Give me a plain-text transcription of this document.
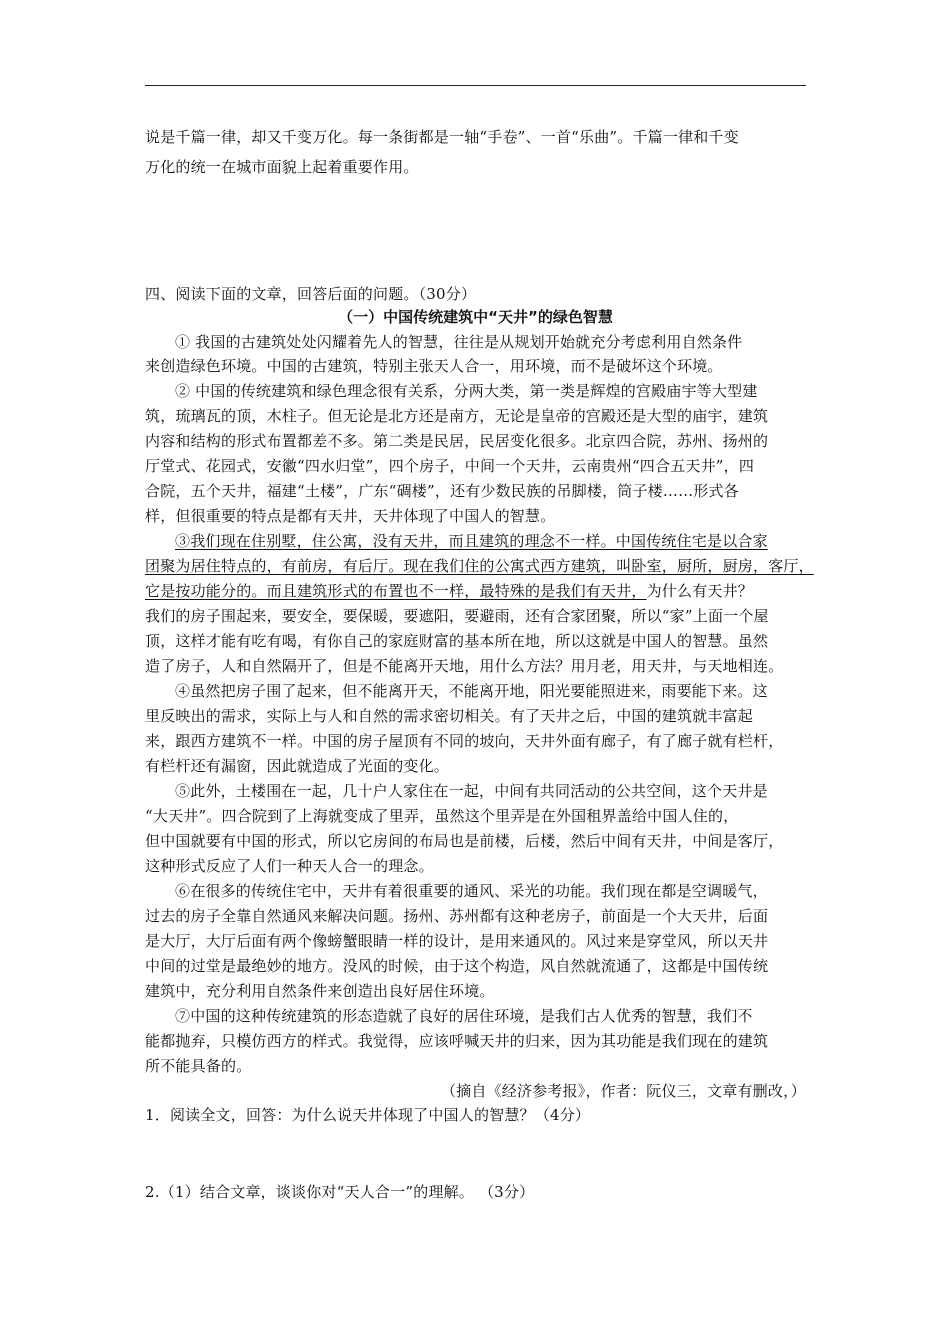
说是千篇一律，却又千变万化。每一条街都是一轴“手卷”、一首“乐曲”。千篇一律和千变
万化的统一在城市面貌上起着重要作用。
四、阅读下面的文章，回答后面的问题。（30分）
（一）中国传统建筑中“天井”的绿色智慧
① 我国的古建筑处处闪耀着先人的智慧，往往是从规划开始就充分考虑利用自然条件
来创造绿色环境。中国的古建筑，特别主张天人合一，用环境，而不是破坏这个环境。
② 中国的传统建筑和绿色理念很有关系，分两大类，第一类是辉煌的宫殿庙宇等大型建
筑，琉璃瓦的顶，木柱子。但无论是北方还是南方，无论是皇帝的宫殿还是大型的庙宇，建筑
内容和结构的形式布置都差不多。第二类是民居，民居变化很多。北京四合院，苏州、扬州的
厅堂式、花园式，安徽“四水归堂”，四个房子，中间一个天井，云南贵州“四合五天井”，四
合院，五个天井，福建“土楼”，广东“碉楼”，还有少数民族的吊脚楼，筒子楼……形式各
样，但很重要的特点是都有天井，天井体现了中国人的智慧。
③我们现在住别墅，住公寓，没有天井，而且建筑的理念不一样。中国传统住宅是以合家
团聚为居住特点的，有前房，有后厅。现在我们住的公寓式西方建筑，叫卧室，厨所，厨房，客厅，
它是按功能分的。而且建筑形式的布置也不一样，最特殊的是我们有天井，为什么有天井？
我们的房子围起来，要安全，要保暖，要遮阳，要避雨，还有合家团聚，所以“家”上面一个屋
顶，这样才能有吃有喝，有你自己的家庭财富的基本所在地，所以这就是中国人的智慧。虽然
造了房子，人和自然隔开了，但是不能离开天地，用什么方法？用月老，用天井，与天地相连。
④虽然把房子围了起来，但不能离开天，不能离开地，阳光要能照进来，雨要能下来。这
里反映出的需求，实际上与人和自然的需求密切相关。有了天井之后，中国的建筑就丰富起
来，跟西方建筑不一样。中国的房子屋顶有不同的坡向，天井外面有廊子，有了廊子就有栏杆，
有栏杆还有漏窗，因此就造成了光面的变化。
⑤此外，土楼围在一起，几十户人家住在一起，中间有共同活动的公共空间，这个天井是
“大天井”。四合院到了上海就变成了里弄，虽然这个里弄是在外国租界盖给中国人住的，
但中国就要有中国的形式，所以它房间的布局也是前楼，后楼，然后中间有天井，中间是客厅，
这种形式反应了人们一种天人合一的理念。
⑥在很多的传统住宅中，天井有着很重要的通风、采光的功能。我们现在都是空调暖气，
过去的房子全靠自然通风来解决问题。扬州、苏州都有这种老房子，前面是一个大天井，后面
是大厅，大厅后面有两个像螃蟹眼睛一样的设计，是用来通风的。风过来是穿堂风，所以天井
中间的过堂是最绝妙的地方。没风的时候，由于这个构造，风自然就流通了，这都是中国传统
建筑中，充分利用自然条件来创造出良好居住环境。
⑦中国的这种传统建筑的形态造就了良好的居住环境，是我们古人优秀的智慧，我们不
能都抛弃，只模仿西方的样式。我觉得，应该呼喊天井的归来，因为其功能是我们现在的建筑
所不能具备的。
（摘自《经济参考报》，作者：阮仪三，文章有删改，）
1．阅读全文，回答：为什么说天井体现了中国人的智慧？（4分）
2.（1）结合文章，谈谈你对“天人合一”的理解。 （3分）
